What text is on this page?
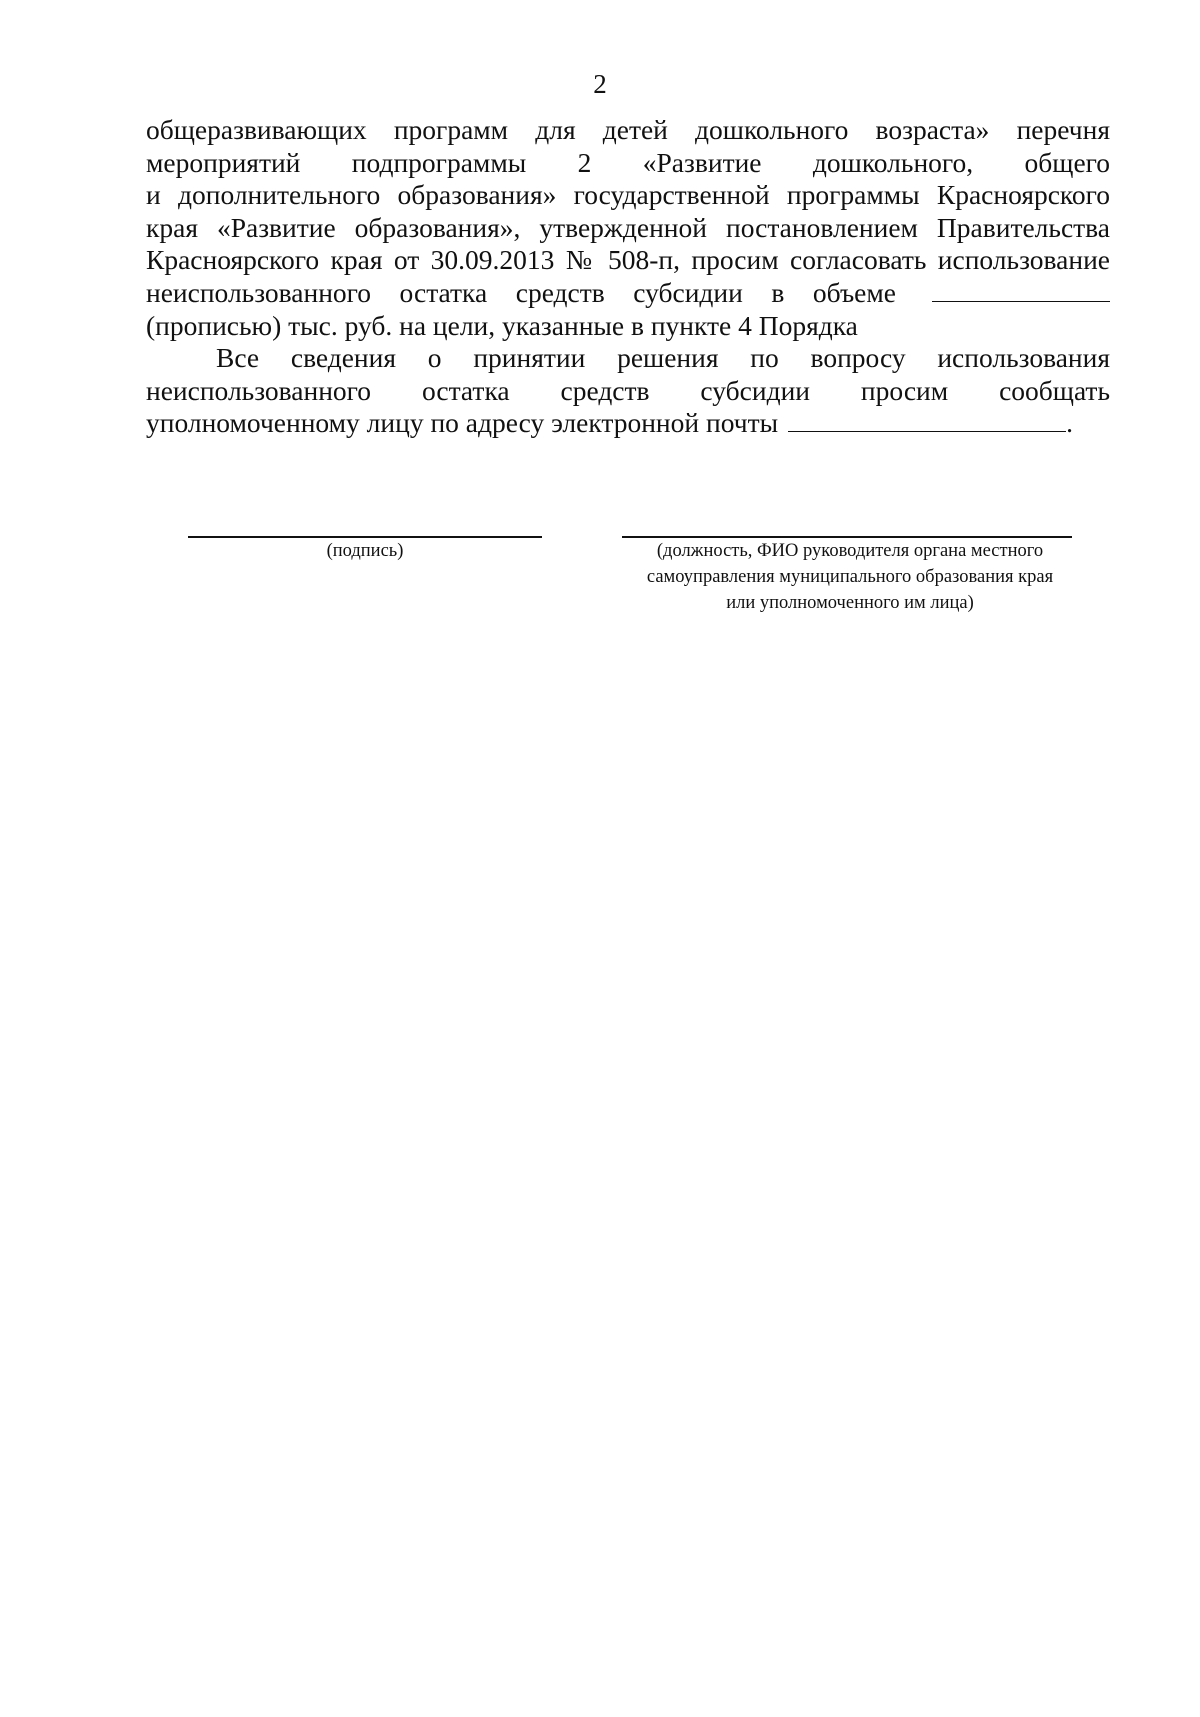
2
общеразвивающих программ для детей дошкольного возраста» перечня
мероприятий подпрограммы 2 «Развитие дошкольного, общего
и дополнительного образования» государственной программы Красноярского
края «Развитие образования», утвержденной постановлением Правительства
Красноярского края от 30.09.2013 № 508-п, просим согласовать использование
неиспользованного остатка средств субсидии в объеме
(прописью) тыс. руб. на цели, указанные в пункте 4 Порядка
Все сведения о принятии решения по вопросу использования
неиспользованного остатка средств субсидии просим сообщать
уполномоченному лицу по адресу электронной почты	.
(подпись)	(должность, ФИО руководителя органа местного
самоуправления муниципального образования края
или уполномоченного им лица)
